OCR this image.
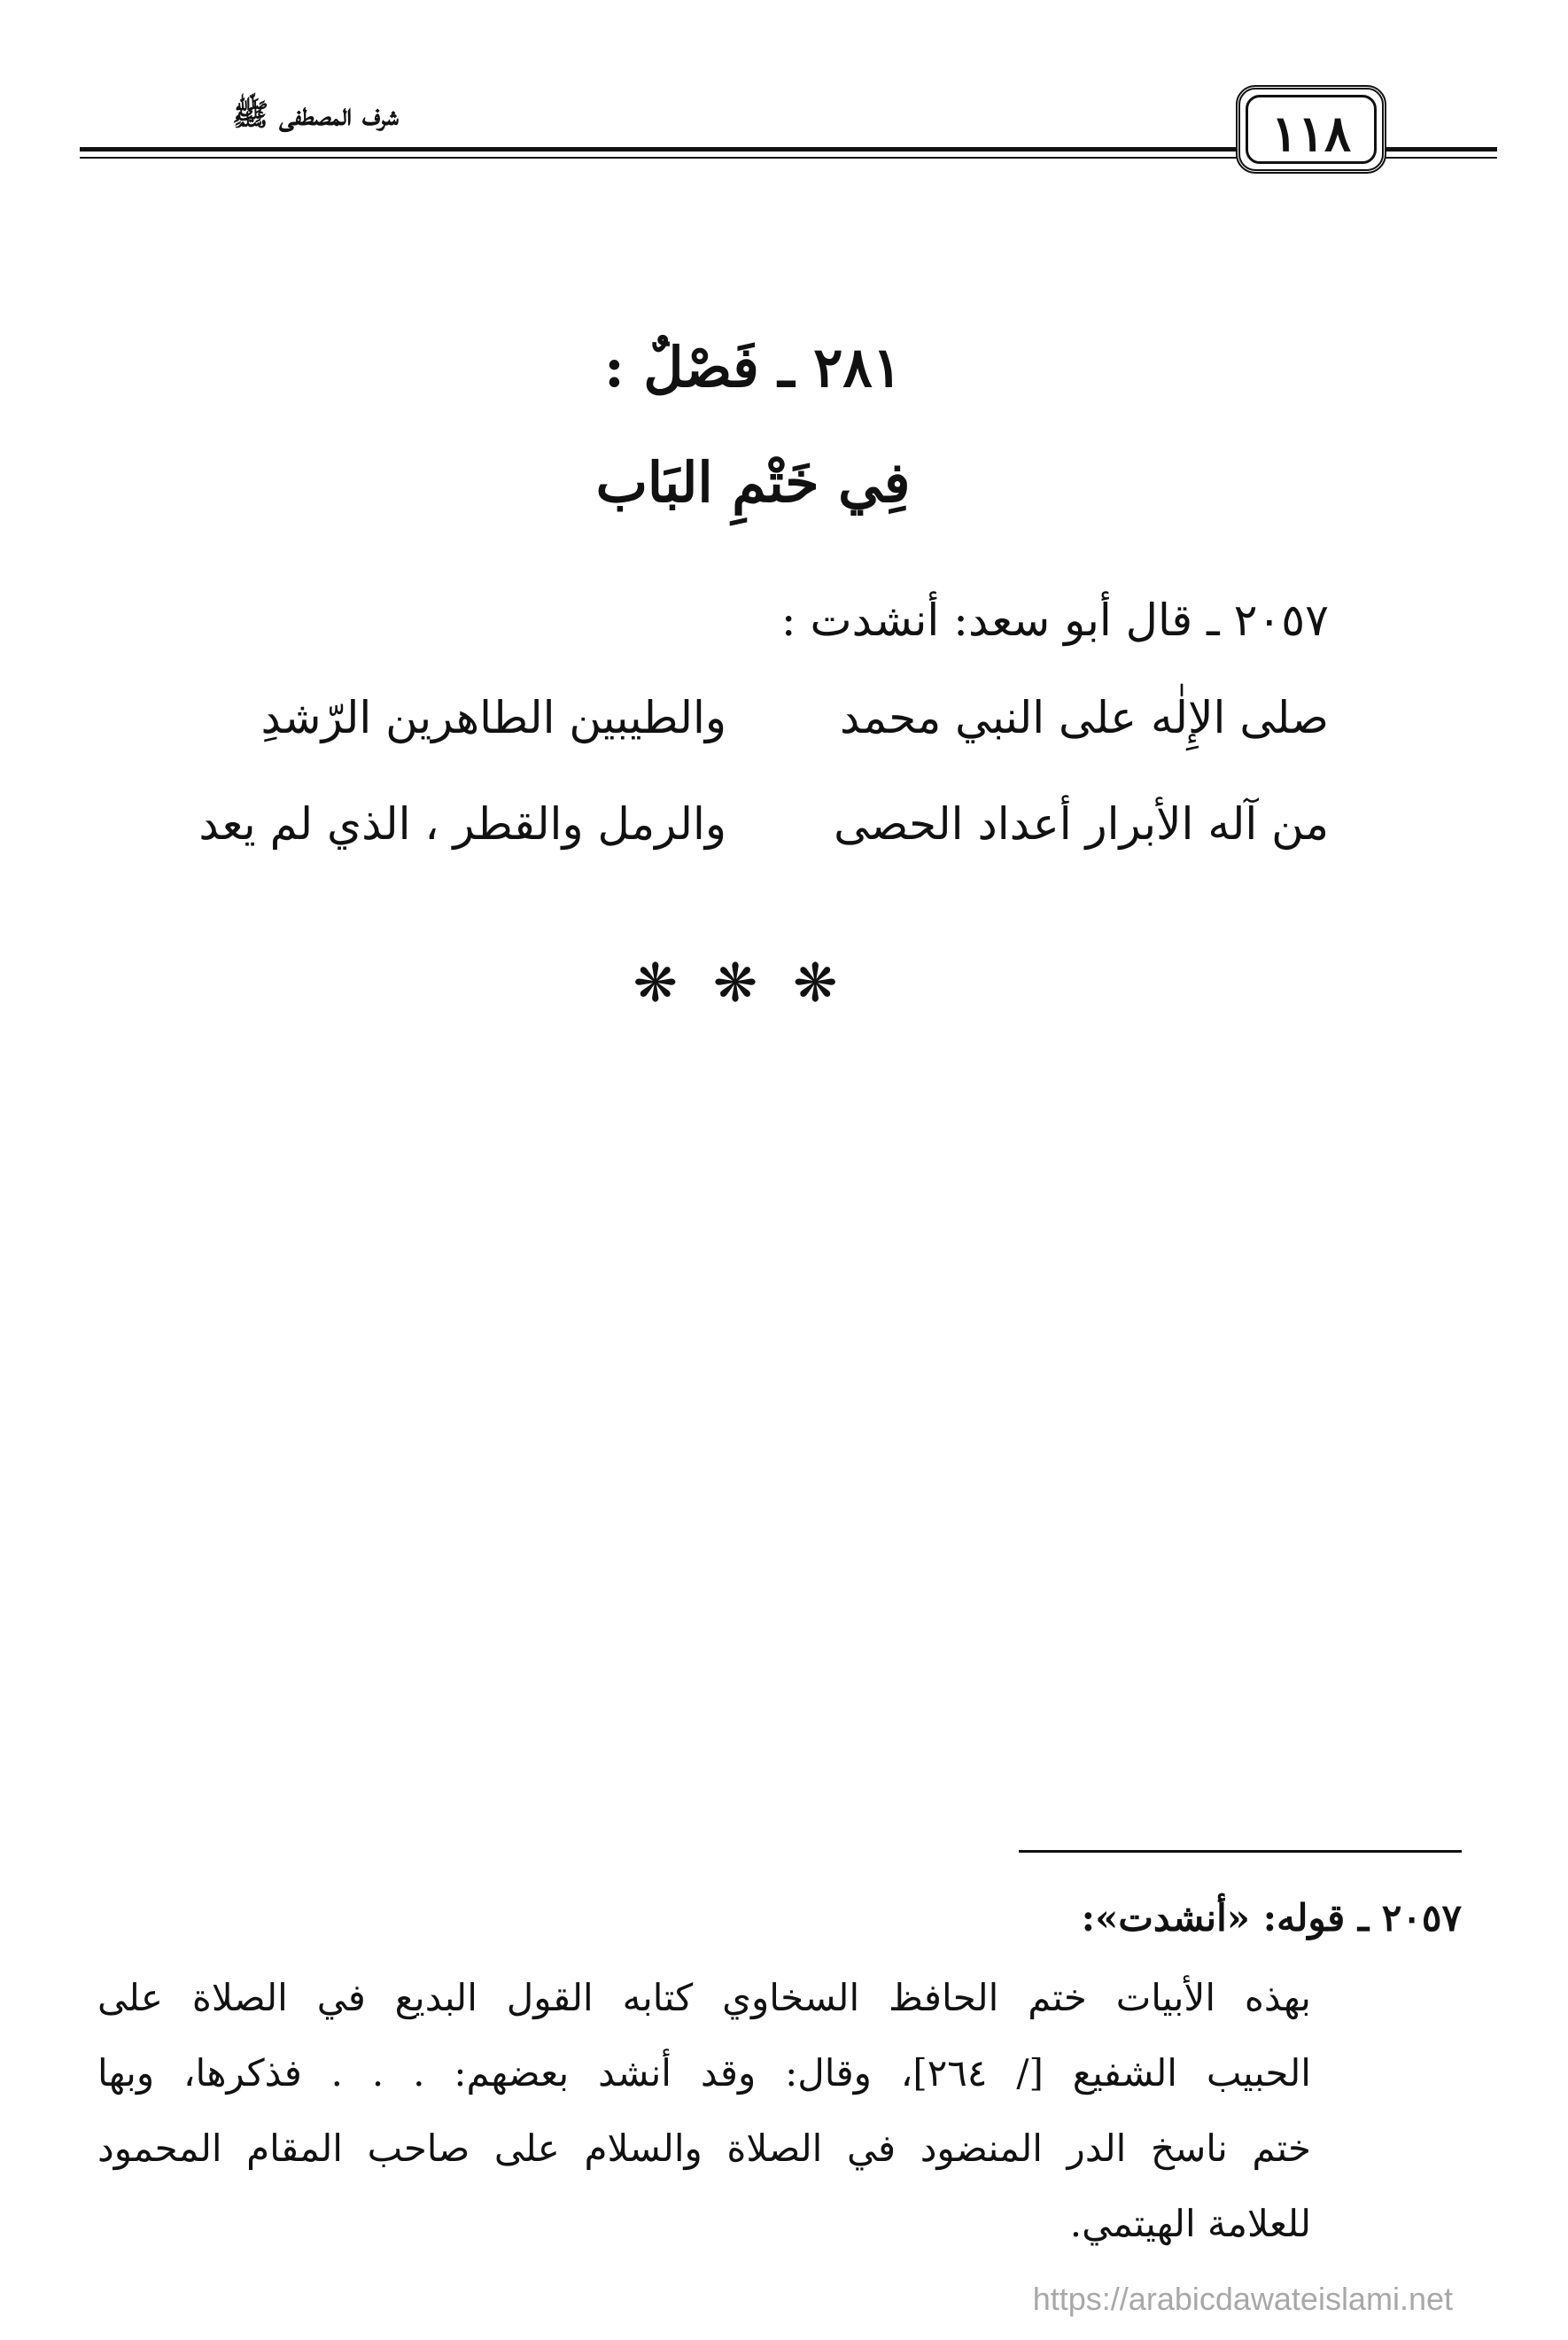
شرف المصطفى ﷺ	١١٨
٢٨١ ـ فَصْلٌ :
فِي خَتْمِ البَاب
٢٠٥٧ ـ قال أبو سعد: أنشدت :
صلى الإِلٰه على النبي محمد
والطيبين الطاهرين الرّشدِ
من آله الأبرار أعداد الحصى
والرمل والقطر ، الذي لم يعد
❋❋❋
٢٠٥٧ ـ قوله: «أنشدت»:
بهذه الأبيات ختم الحافظ السخاوي كتابه القول البديع في الصلاة على
الحبيب الشفيع [/ ٢٦٤]، وقال: وقد أنشد بعضهم: . . . فذكرها، وبها
ختم ناسخ الدر المنضود في الصلاة والسلام على صاحب المقام المحمود
للعلامة الهيتمي.
https://arabicdawateislami.net
